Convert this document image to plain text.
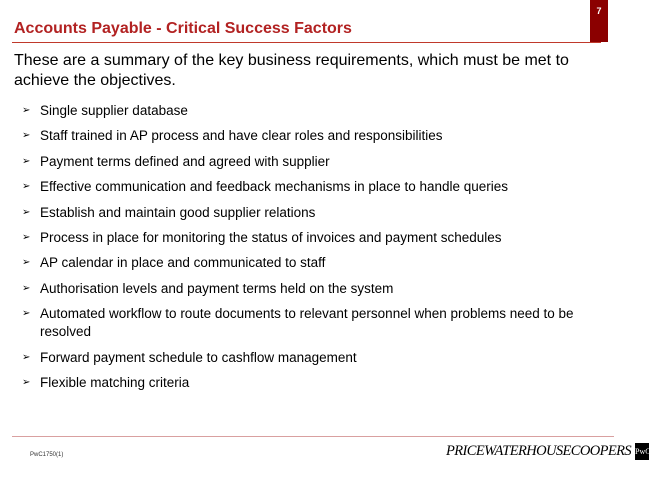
7
Accounts Payable - Critical Success Factors
These are a summary of the key business requirements, which must be met to achieve the objectives.
➢ Single supplier database
➢ Staff trained in AP process and have clear roles and responsibilities
➢ Payment terms defined and agreed with supplier
➢ Effective communication and feedback mechanisms in place to handle queries
➢ Establish and maintain good supplier relations
➢ Process in place for monitoring the status of invoices and payment schedules
➢ AP calendar in place and communicated to staff
➢ Authorisation levels and payment terms held on the system
➢ Automated workflow to route documents to relevant personnel when problems need to be resolved
➢ Forward payment schedule to cashflow management
➢ Flexible matching criteria
PwC1750(1)	PRICEWATERHOUSECOOPERS PwC
